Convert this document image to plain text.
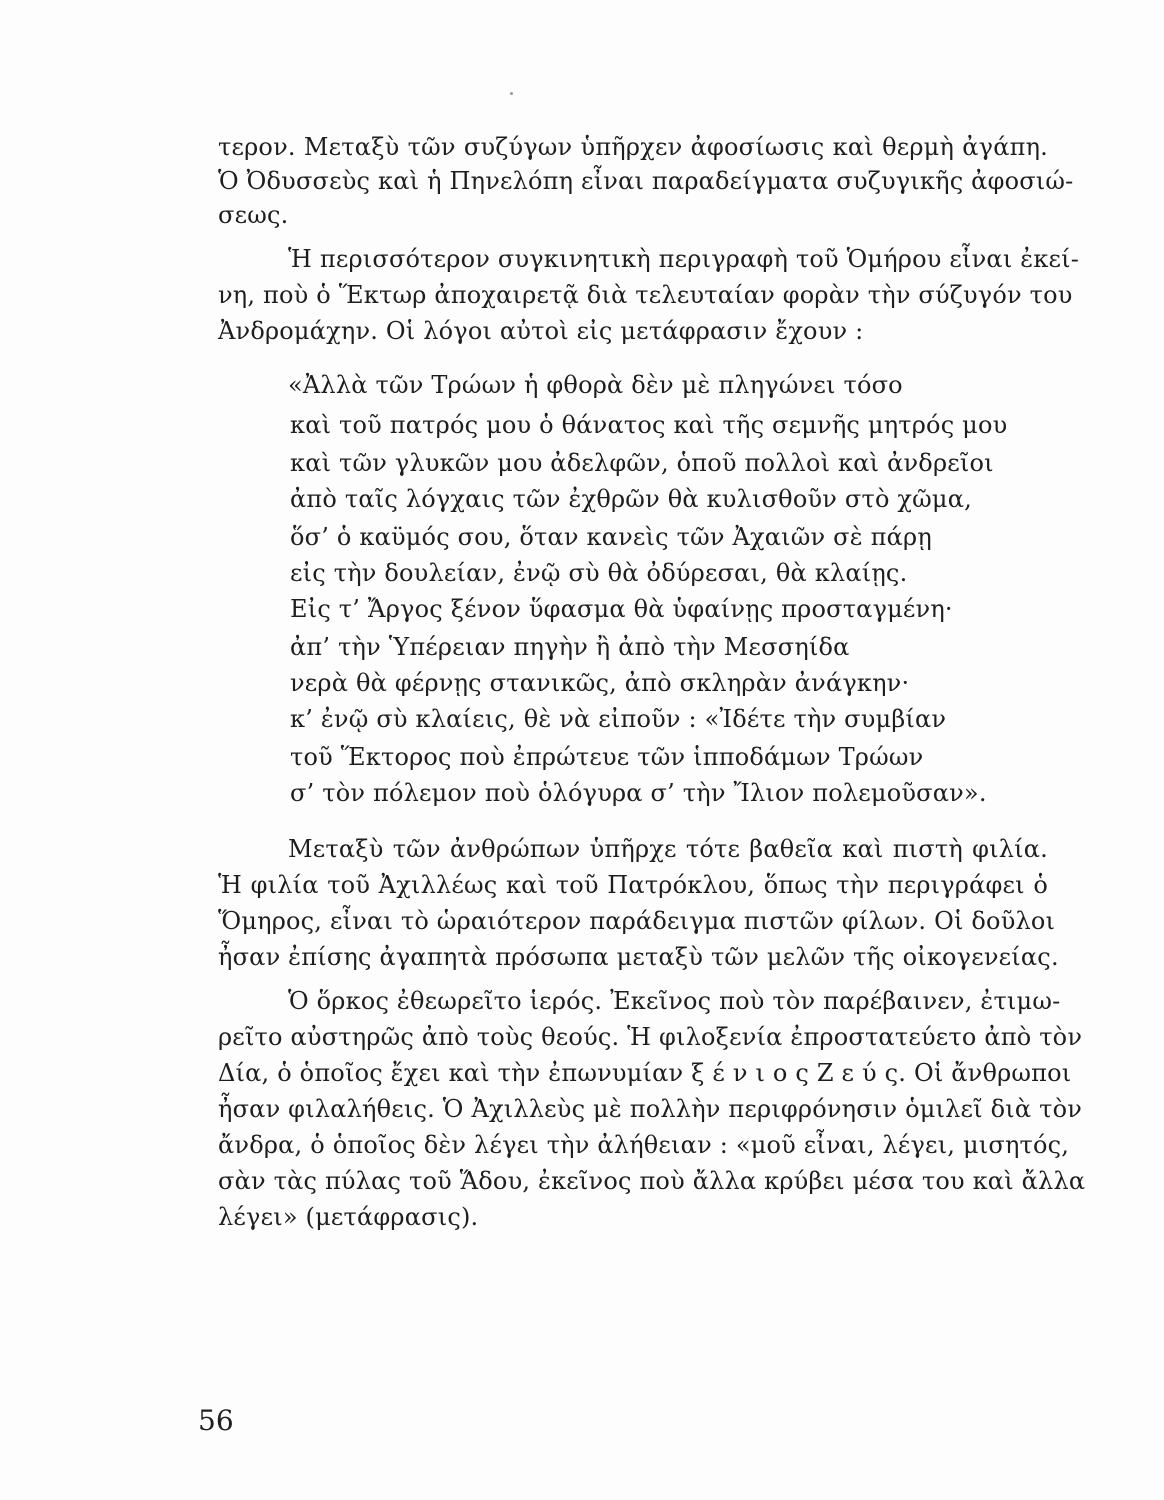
τερον. Μεταξὺ τῶν συζύγων ὑπῆρχεν ἀφοσίωσις καὶ θερμὴ ἀγάπη.
Ὁ Ὀδυσσεὺς καὶ ἡ Πηνελόπη εἶναι παραδείγματα συζυγικῆς ἀφοσιώ-
σεως.
Ἡ περισσότερον συγκινητικὴ περιγραφὴ τοῦ Ὁμήρου εἶναι ἐκεί-
νη, ποὺ ὁ Ἕκτωρ ἀποχαιρετᾷ διὰ τελευταίαν φορὰν τὴν σύζυγόν του
Ἀνδρομάχην. Οἱ λόγοι αὐτοὶ εἰς μετάφρασιν ἔχουν :
«Ἀλλὰ τῶν Τρώων ἡ φθορὰ δὲν μὲ πληγώνει τόσο
καὶ τοῦ πατρός μου ὁ θάνατος καὶ τῆς σεμνῆς μητρός μου
καὶ τῶν γλυκῶν μου ἀδελφῶν, ὁποῦ πολλοὶ καὶ ἀνδρεῖοι
ἀπὸ ταῖς λόγχαις τῶν ἐχθρῶν θὰ κυλισθοῦν στὸ χῶμα,
ὅσ’ ὁ καϋμός σου, ὅταν κανεὶς τῶν Ἀχαιῶν σὲ πάρῃ
εἰς τὴν δουλείαν, ἐνῷ σὺ θὰ ὀδύρεσαι, θὰ κλαίῃς.
Εἰς τ’ Ἄργος ξένον ὕφασμα θὰ ὑφαίνῃς προσταγμένη·
ἀπ’ τὴν Ὑπέρειαν πηγὴν ἢ ἀπὸ τὴν Μεσσηίδα
νερὰ θὰ φέρνῃς στανικῶς, ἀπὸ σκληρὰν ἀνάγκην·
κ’ ἐνῷ σὺ κλαίεις, θὲ νὰ εἰποῦν : «Ἰδέτε τὴν συμβίαν
τοῦ Ἕκτορος ποὺ ἐπρώτευε τῶν ἱπποδάμων Τρώων
σ’ τὸν πόλεμον ποὺ ὁλόγυρα σ’ τὴν Ἴλιον πολεμοῦσαν».
Μεταξὺ τῶν ἀνθρώπων ὑπῆρχε τότε βαθεῖα καὶ πιστὴ φιλία.
Ἡ φιλία τοῦ Ἀχιλλέως καὶ τοῦ Πατρόκλου, ὅπως τὴν περιγράφει ὁ
Ὅμηρος, εἶναι τὸ ὡραιότερον παράδειγμα πιστῶν φίλων. Οἱ δοῦλοι
ἦσαν ἐπίσης ἀγαπητὰ πρόσωπα μεταξὺ τῶν μελῶν τῆς οἰκογενείας.
Ὁ ὅρκος ἐθεωρεῖτο ἱερός. Ἐκεῖνος ποὺ τὸν παρέβαινεν, ἐτιμω-
ρεῖτο αὐστηρῶς ἀπὸ τοὺς θεούς. Ἡ φιλοξενία ἐπροστατεύετο ἀπὸ τὸν
Δία, ὁ ὁποῖος ἔχει καὶ τὴν ἐπωνυμίαν ξ έ ν ι ο ς Ζ ε ύ ς. Οἱ ἄνθρωποι
ἦσαν φιλαλήθεις. Ὁ Ἀχιλλεὺς μὲ πολλὴν περιφρόνησιν ὁμιλεῖ διὰ τὸν
ἄνδρα, ὁ ὁποῖος δὲν λέγει τὴν ἀλήθειαν : «μοῦ εἶναι, λέγει, μισητός,
σὰν τὰς πύλας τοῦ Ἅδου, ἐκεῖνος ποὺ ἄλλα κρύβει μέσα του καὶ ἄλλα
λέγει» (μετάφρασις).
56
